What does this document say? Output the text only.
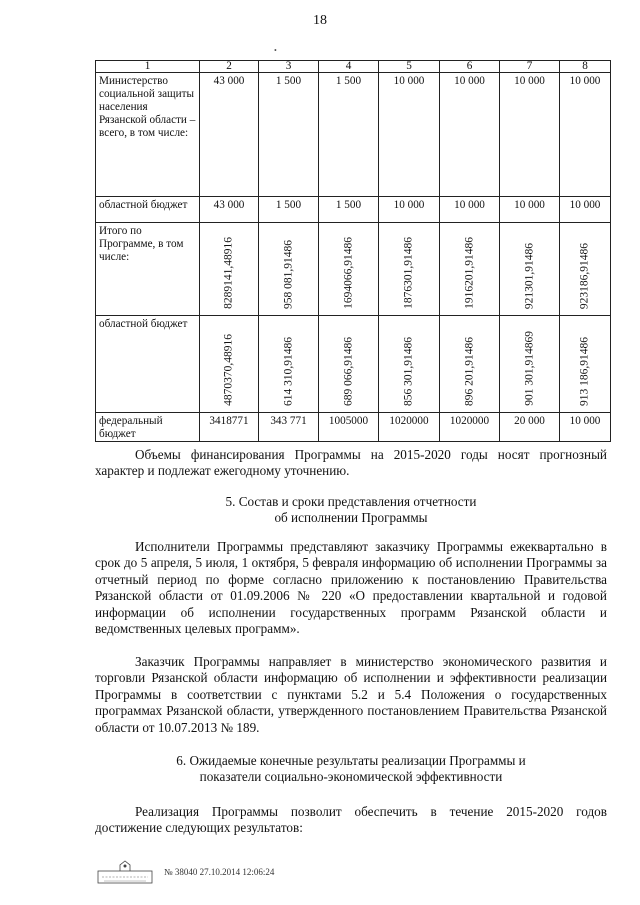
18
•
1	2	3	4	5	6	7	8
Министерство социальной защиты населения Рязанской области – всего, в том числе:	43 000	1 500	1 500	10 000	10 000	10 000	10 000
областной бюджет	43 000	1 500	1 500	10 000	10 000	10 000	10 000
Итого по Программе, в том числе:	8289141,48916	958 081,91486	1694066,91486	1876301,91486	1916201,91486	921301,91486	923186,91486

областной бюджет	4870370,48916	614 310,91486	689 066,91486	856 301,91486	896 201,91486	901 301,914869	913 186,91486

федеральный бюджет	3418771	343 771	1005000	1020000	1020000	20 000	10 000

Объемы финансирования Программы на 2015-2020 годы носят прогнозный характер и подлежат ежегодному уточнению.

5. Состав и сроки представления отчетности

об исполнении Программы

Исполнители Программы представляют заказчику Программы ежеквартально в срок до 5 апреля, 5 июля, 1 октября, 5 февраля информацию об исполнении Программы за отчетный период по форме согласно приложению к постановлению Правительства Рязанской области от 01.09.2006 № 220 «О предоставлении квартальной и годовой информации об исполнении государственных программ Рязанской области и ведомственных целевых программ».

Заказчик Программы направляет в министерство экономического развития и торговли Рязанской области информацию об исполнении и эффективности реализации Программы в соответствии с пунктами 5.2 и 5.4 Положения о государственных программах Рязанской области, утвержденного постановлением Правительства Рязанской области от 10.07.2013 № 189.

6. Ожидаемые конечные результаты реализации Программы и

показатели социально-экономической эффективности

Реализация Программы позволит обеспечить в течение 2015-2020 годов достижение следующих результатов:

№ 38040 27.10.2014 12:06:24
